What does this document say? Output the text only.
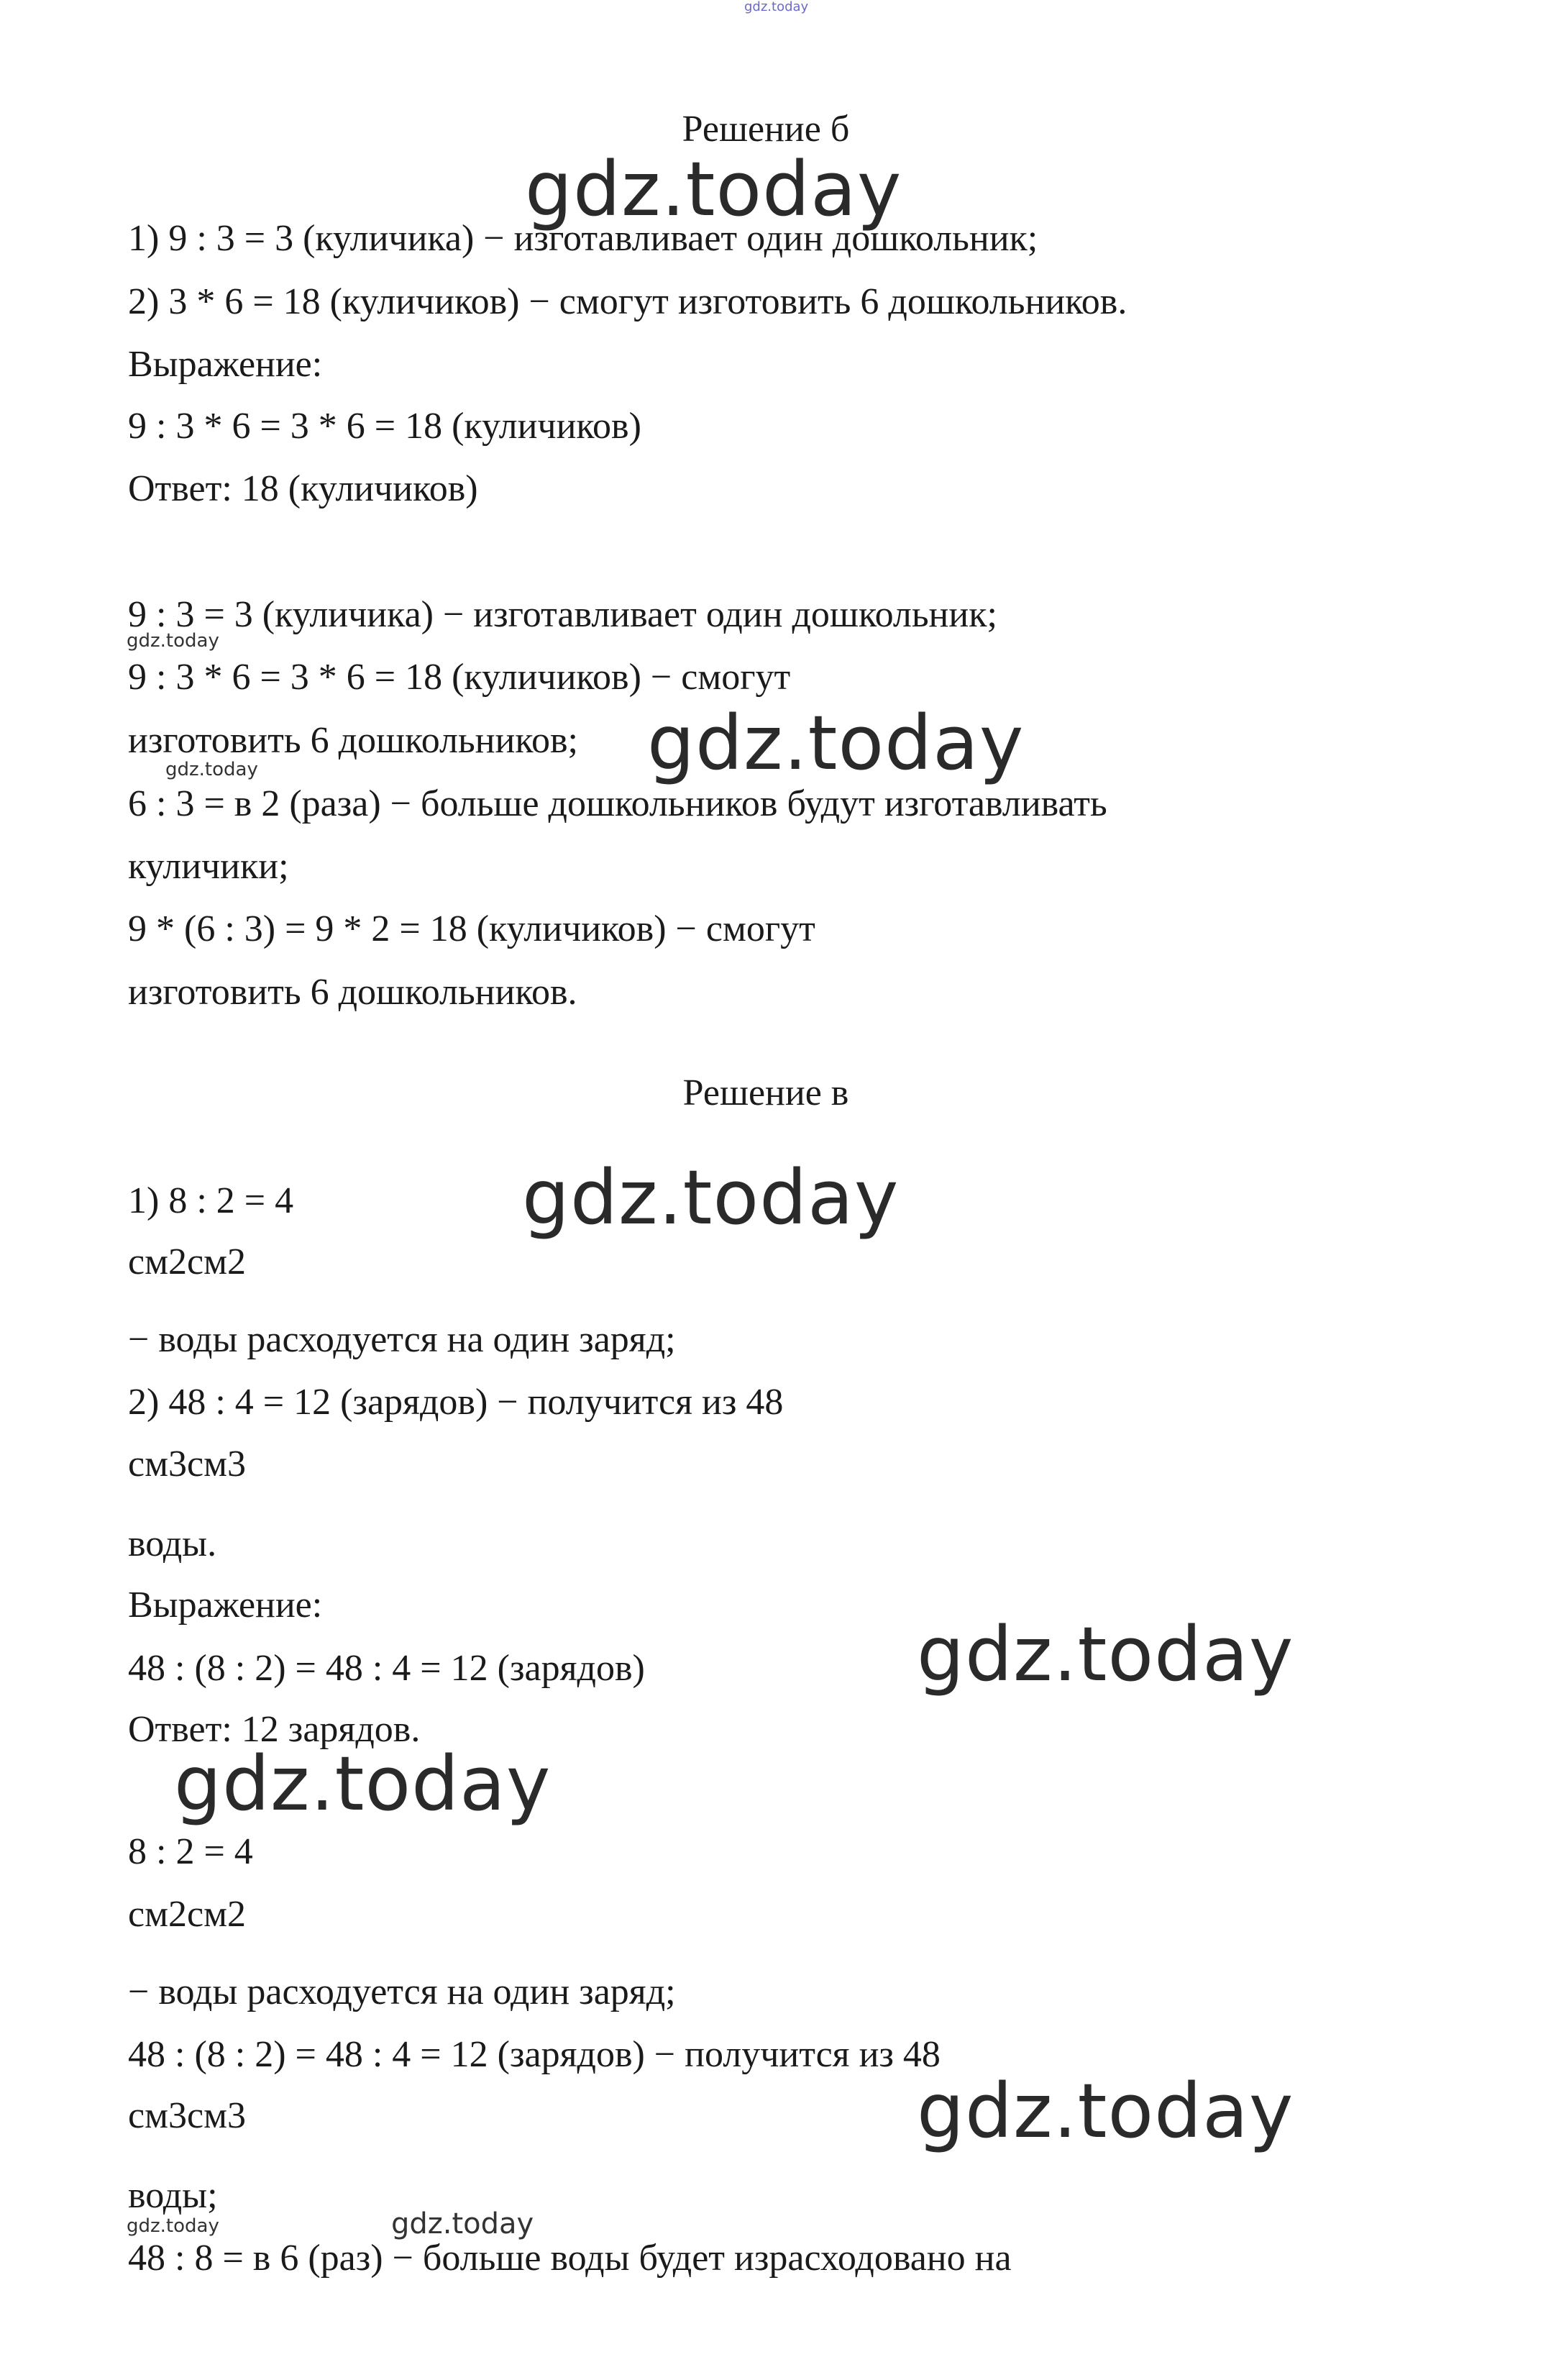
gdz.today
Решение б
gdz.today
1) 9 : 3 = 3 (куличика) − изготавливает один дошкольник;
2) 3 * 6 = 18 (куличиков) − смогут изготовить 6 дошкольников.
Выражение:
9 : 3 * 6 = 3 * 6 = 18 (куличиков)
Ответ: 18 (куличиков)
9 : 3 = 3 (куличика) − изготавливает один дошкольник;
gdz.today
9 : 3 * 6 = 3 * 6 = 18 (куличиков) − смогут
изготовить 6 дошкольников; gdz.today
gdz.today
6 : 3 = в 2 (раза) − больше дошкольников будут изготавливать
куличики;
9 * (6 : 3) = 9 * 2 = 18 (куличиков) − смогут
изготовить 6 дошкольников.
Решение в
1) 8 : 2 = 4	gdz.today
см2см2
− воды расходуется на один заряд;
2) 48 : 4 = 12 (зарядов) − получится из 48
см3см3
воды.
Выражение:
48 : (8 : 2) = 48 : 4 = 12 (зарядов)	gdz.today
Ответ: 12 зарядов.
gdz.today
8 : 2 = 4
см2см2
− воды расходуется на один заряд;
48 : (8 : 2) = 48 : 4 = 12 (зарядов) − получится из 48
см3см3	gdz.today
воды;
gdz.today	gdz.today
48 : 8 = в 6 (раз) − больше воды будет израсходовано на
